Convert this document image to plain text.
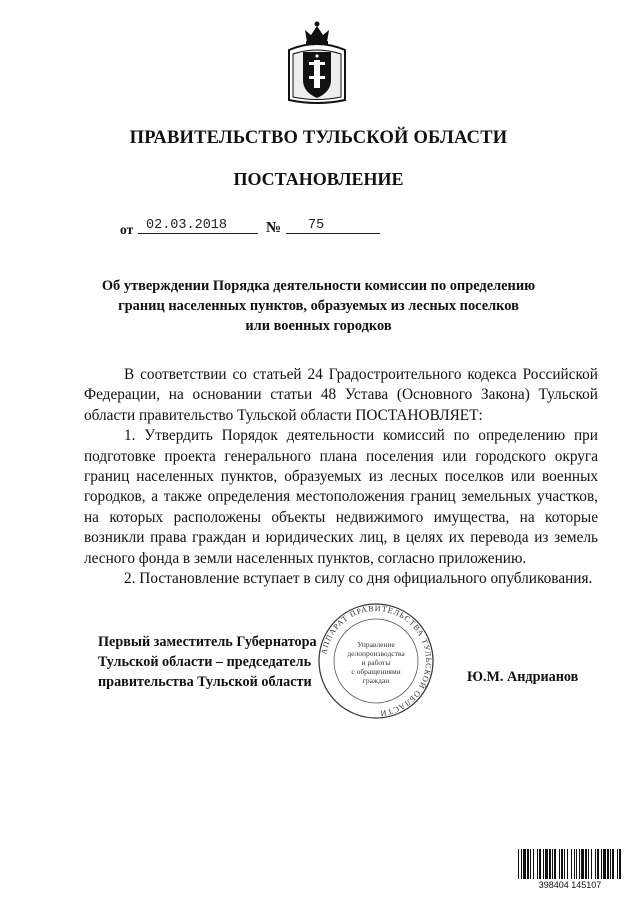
ПРАВИТЕЛЬСТВО ТУЛЬСКОЙ ОБЛАСТИ
ПОСТАНОВЛЕНИЕ
от 02.03.2018	№ 75
Об утверждении Порядка деятельности комиссии по определению
границ населенных пунктов, образуемых из лесных поселков
или военных городков

В соответствии со статьей 24 Градостроительного кодекса Российской Федерации, на основании статьи 48 Устава (Основного Закона) Тульской области правительство Тульской области ПОСТАНОВЛЯЕТ:

1. Утвердить Порядок деятельности комиссий по определению при подготовке проекта генерального плана поселения или городского округа границ населенных пунктов, образуемых из лесных поселков или военных городков, а также определения местоположения границ земельных участков, на которых расположены объекты недвижимого имущества, на которые возникли права граждан и юридических лиц, в целях их перевода из земель лесного фонда в земли населенных пунктов, согласно приложению.

2. Постановление вступает в силу со дня официального опубликования.

АППАРАТ ПРАВИТЕЛЬСТВА ТУЛЬСКОЙ ОБЛАСТИ
Управление
делопроизводства
и работы
с обращениями
граждан
Первый заместитель Губернатора
Тульской области – председатель
правительства Тульской области	Ю.М. Андрианов
398404 145107
